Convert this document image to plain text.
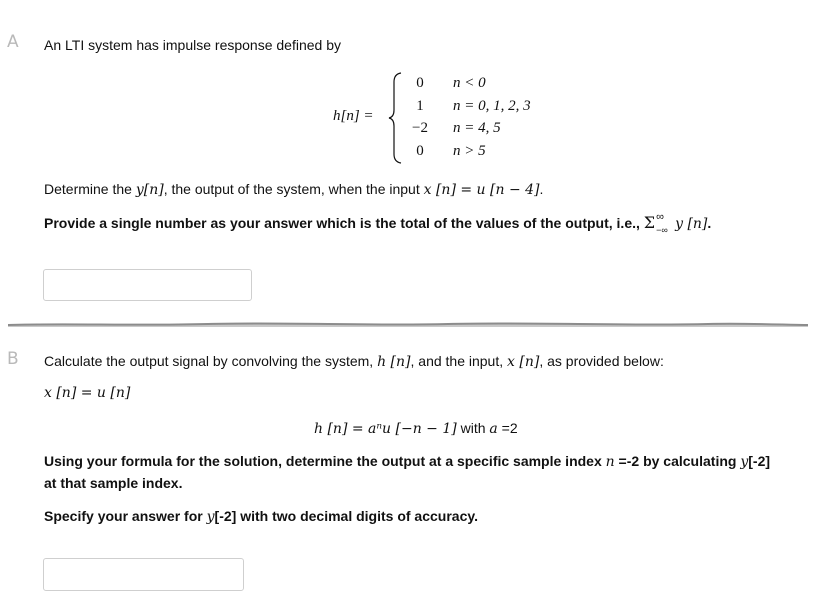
A An LTI system has impulse response defined by
h[n] =
0 n < 0
1 n = 0, 1, 2, 3
−2 n = 4, 5
0 n > 5
Determine the y[n], the output of the system, when the input x [n] = u [n − 4].
Provide a single number as your answer which is the total of the values of the output, i.e., Σ ∞
−∞ y [n].
B Calculate the output signal by convolving the system, h [n], and the input, x [n], as provided below:
x [n] = u [n]
h [n] = aⁿu [−n − 1] with a =2
Using your formula for the solution, determine the output at a specific sample index n =-2 by calculating y[-2]
at that sample index.
Specify your answer for y[-2] with two decimal digits of accuracy.
